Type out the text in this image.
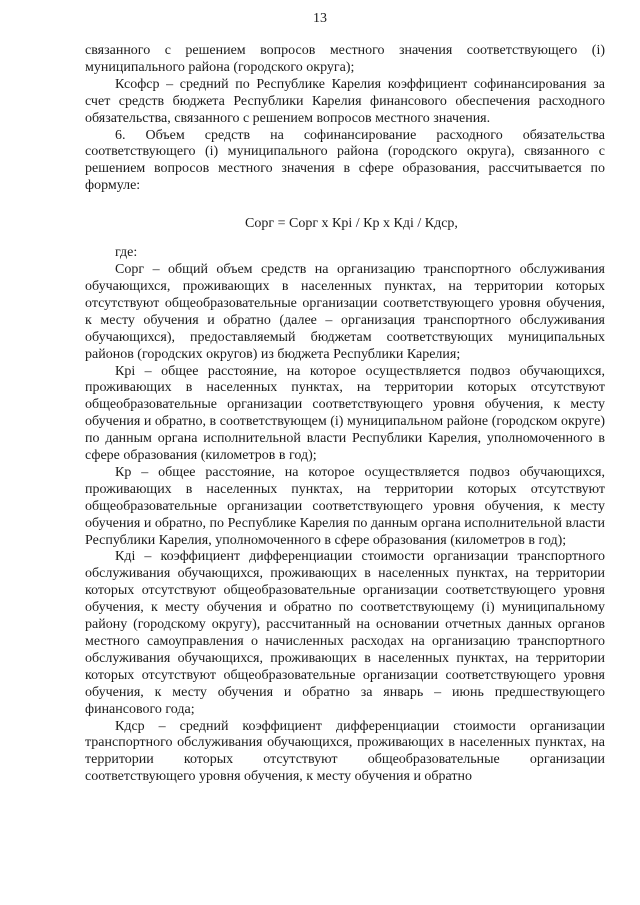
13

связанного с решением вопросов местного значения соответствующего (i) муниципального района (городского округа);

Ксофср – средний по Республике Карелия коэффициент софинансирования за счет средств бюджета Республики Карелия финансового обеспечения расходного обязательства, связанного с решением вопросов местного значения.

6. Объем средств на софинансирование расходного обязательства соответствующего (i) муниципального района (городского округа), связанного с решением вопросов местного значения в сфере образования, рассчитывается по формуле:

Сорг = Сорг х Крi / Кр х Кдi / Кдср,

где:

Сорг – общий объем средств на организацию транспортного обслуживания обучающихся, проживающих в населенных пунктах, на территории которых отсутствуют общеобразовательные организации соответствующего уровня обучения, к месту обучения и обратно (далее – организация транспортного обслуживания обучающихся), предоставляемый бюджетам соответствующих муниципальных районов (городских округов) из бюджета Республики Карелия;

Крi – общее расстояние, на которое осуществляется подвоз обучающихся, проживающих в населенных пунктах, на территории которых отсутствуют общеобразовательные организации соответствующего уровня обучения, к месту обучения и обратно, в соответствующем (i) муниципальном районе (городском округе) по данным органа исполнительной власти Республики Карелия, уполномоченного в сфере образования (километров в год);

Кр – общее расстояние, на которое осуществляется подвоз обучающихся, проживающих в населенных пунктах, на территории которых отсутствуют общеобразовательные организации соответствующего уровня обучения, к месту обучения и обратно, по Республике Карелия по данным органа исполнительной власти Республики Карелия, уполномоченного в сфере образования (километров в год);

Кдi – коэффициент дифференциации стоимости организации транспортного обслуживания обучающихся, проживающих в населенных пунктах, на территории которых отсутствуют общеобразовательные организации соответствующего уровня обучения, к месту обучения и обратно по соответствующему (i) муниципальному району (городскому округу), рассчитанный на основании отчетных данных органов местного самоуправления о начисленных расходах на организацию транспортного обслуживания обучающихся, проживающих в населенных пунктах, на территории которых отсутствуют общеобразовательные организации соответствующего уровня обучения, к месту обучения и обратно за январь – июнь предшествующего финансового года;

Кдср – средний коэффициент дифференциации стоимости организации транспортного обслуживания обучающихся, проживающих в населенных пунктах, на территории которых отсутствуют общеобразовательные организации соответствующего уровня обучения, к месту обучения и обратно
